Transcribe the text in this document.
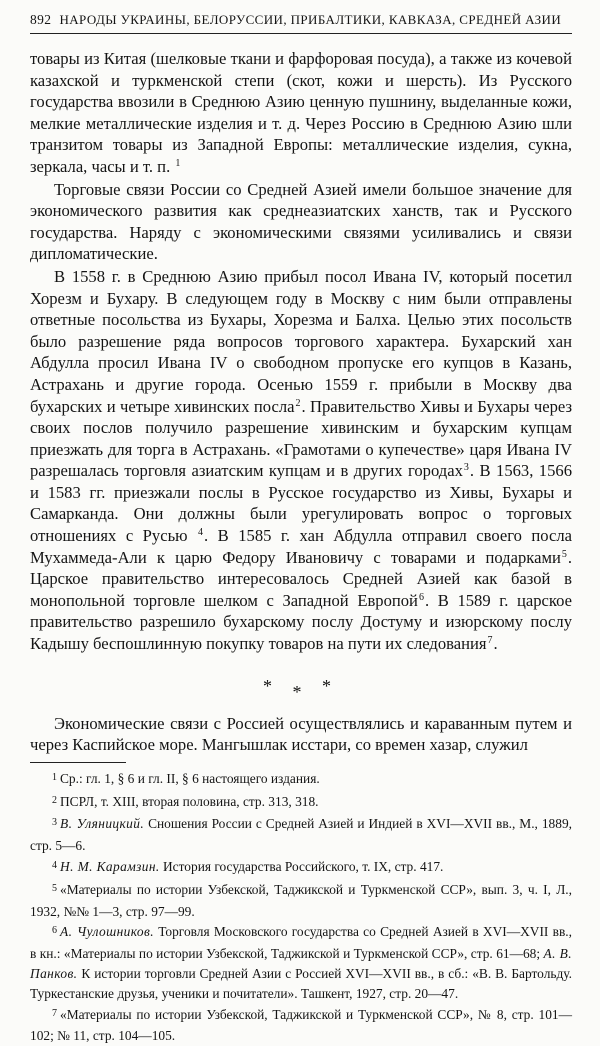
892 НАРОДЫ УКРАИНЫ, БЕЛОРУССИИ, ПРИБАЛТИКИ, КАВКАЗА, СРЕДНЕЙ АЗИИ

товары из Китая (шелковые ткани и фарфоровая посуда), а также из кочевой казахской и туркменской степи (скот, кожи и шерсть). Из Русского государства ввозили в Среднюю Азию ценную пушнину, выделанные кожи, мелкие металлические изделия и т. д. Через Россию в Среднюю Азию шли транзитом товары из Западной Европы: металлические изделия, сукна, зеркала, часы и т. п. $^1$

Торговые связи России со Средней Азией имели большое значение для экономического развития как среднеазиатских ханств, так и Русского государства. Наряду с экономическими связями усиливались и связи дипломатические.

В 1558 г. в Среднюю Азию прибыл посол Ивана IV, который посетил Хорезм и Бухару. В следующем году в Москву с ним были отправлены ответные посольства из Бухары, Хорезма и Балха. Целью этих посольств было разрешение ряда вопросов торгового характера. Бухарский хан Абдулла просил Ивана IV о свободном пропуске его купцов в Казань, Астрахань и другие города. Осенью 1559 г. прибыли в Москву два бухарских и четыре хивинских посла$^2$. Правительство Хивы и Бухары через своих послов получило разрешение хивинским и бухарским купцам приезжать для торга в Астрахань. «Грамотами о купечестве» царя Ивана IV разрешалась торговля азиатским купцам и в других городах$^3$. В 1563, 1566 и 1583 гг. приезжали послы в Русское государство из Хивы, Бухары и Самарканда. Они должны были урегулировать вопрос о торговых отношениях с Русью $^4$. В 1585 г. хан Абдулла отправил своего посла Мухаммеда-Али к царю Федору Ивановичу с товарами и подарками$^5$. Царское правительство интересовалось Средней Азией как базой в монопольной торговле шелком с Западной Европой$^6$. В 1589 г. царское правительство разрешило бухарскому послу Достуму и изюрскому послу Кадышу беспошлинную покупку товаров на пути их следования$^7$.

* * *

Экономические связи с Россией осуществлялись и караванным путем и через Каспийское море. Мангышлак исстари, со времен хазар, служил

$^1$ Ср.: гл. 1, § 6 и гл. II, § 6 настоящего издания.

$^2$ ПСРЛ, т. XIII, вторая половина, стр. 313, 318.

$^3$ В. Уляницкий. Сношения России с Средней Азией и Индией в XVI—XVII вв., М., 1889, стр. 5—6.

$^4$ Н. М. Карамзин. История государства Российского, т. IX, стр. 417.

$^5$ «Материалы по истории Узбекской, Таджикской и Туркменской ССР», вып. 3, ч. I, Л., 1932, №№ 1—3, стр. 97—99.

$^6$ А. Чулошников. Торговля Московского государства со Средней Азией в XVI—XVII вв., в кн.: «Материалы по истории Узбекской, Таджикской и Туркменской ССР», стр. 61—68; А. В. Панков. К истории торговли Средней Азии с Россией XVI—XVII вв., в сб.: «В. В. Бартольду. Туркестанские друзья, ученики и почитатели». Ташкент, 1927, стр. 20—47.

$^7$ «Материалы по истории Узбекской, Таджикской и Туркменской ССР», № 8, стр. 101—102; № 11, стр. 104—105.
